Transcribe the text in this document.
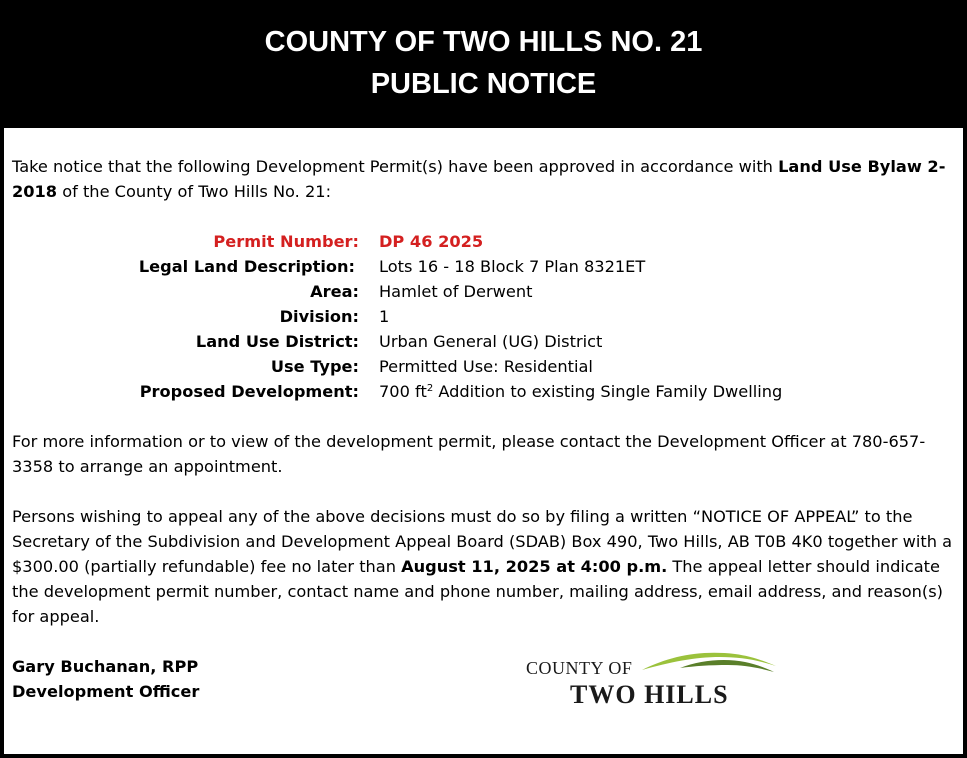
COUNTY OF TWO HILLS NO. 21
PUBLIC NOTICE
Take notice that the following Development Permit(s) have been approved in accordance with Land Use Bylaw 2-2018 of the County of Two Hills No. 21:
Permit Number: DP 46 2025
Legal Land Description: Lots 16 - 18 Block 7 Plan 8321ET
Area: Hamlet of Derwent
Division: 1
Land Use District: Urban General (UG) District
Use Type: Permitted Use: Residential
Proposed Development: 700 $ft^2$ Addition to existing Single Family Dwelling
For more information or to view of the development permit, please contact the Development Officer at 780-657-3358 to arrange an appointment.
Persons wishing to appeal any of the above decisions must do so by filing a written “NOTICE OF APPEAL” to the Secretary of the Subdivision and Development Appeal Board (SDAB) Box 490, Two Hills, AB T0B 4K0 together with a $300.00 (partially refundable) fee no later than August 11, 2025 at 4:00 p.m. The appeal letter should indicate the development permit number, contact name and phone number, mailing address, email address, and reason(s) for appeal.
Gary Buchanan, RPP
Development Officer
COUNTY OF
TWO HILLS
